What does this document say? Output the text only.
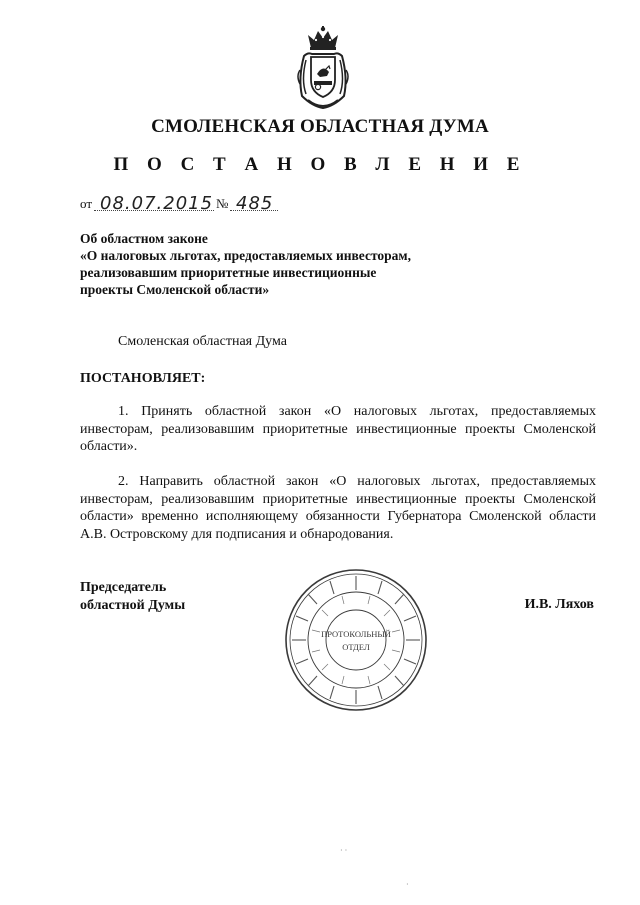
СМОЛЕНСКАЯ ОБЛАСТНАЯ ДУМА
П О С Т А Н О В Л Е Н И Е
от 08.07.2015 № 485
Об областном законе
«О налоговых льготах, предоставляемых инвесторам,
реализовавшим приоритетные инвестиционные
проекты Смоленской области»
Смоленская областная Дума
ПОСТАНОВЛЯЕТ:
1. Принять областной закон «О налоговых льготах, предоставляемых инвесторам, реализовавшим приоритетные инвестиционные проекты Смоленской области».
2. Направить областной закон «О налоговых льготах, предоставляемых инвесторам, реализовавшим приоритетные инвестиционные проекты Смоленской области» временно исполняющему обязанности Губернатора Смоленской области А.В. Островскому для подписания и обнародования.
Председатель
областной Думы	И.В. Ляхов
ПРОТОКОЛЬНЫЙ
ОТДЕЛ
· ·
·
